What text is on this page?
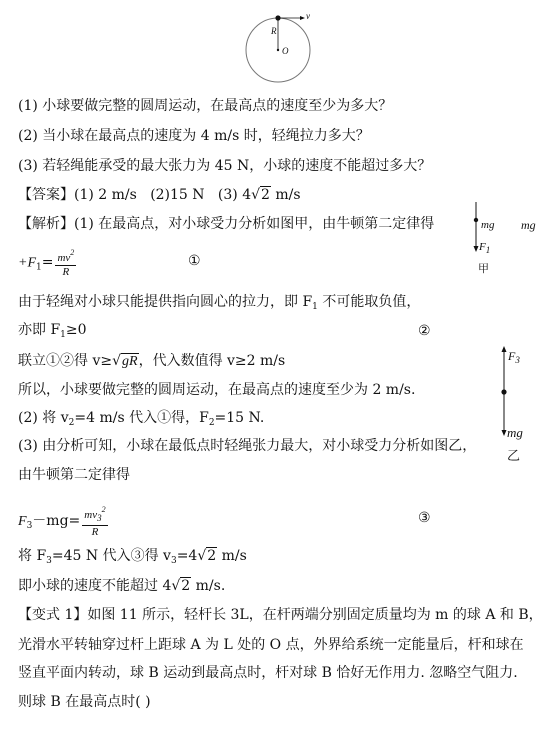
v
R
O
(1) 小球要做完整的圆周运动，在最高点的速度至少为多大？
(2) 当小球在最高点的速度为 4 m/s 时，轻绳拉力多大？
(3) 若轻绳能承受的最大张力为 45 N，小球的速度不能超过多大？
【答案】(1) 2 m/s (2)15 N (3) 4√2 m/s
【解析】(1) 在最高点，对小球受力分析如图甲，由牛顿第二定律得	mg
$+F_1= \frac{mv^2}{R}$	①
由于轻绳对小球只能提供指向圆心的拉力，即 $F_1$ 不可能取负值，
亦即 $F_1\ge 0$	②
联立①②得 v≥√gR，代入数值得 v≥2 m/s
所以，小球要做完整的圆周运动，在最高点的速度至少为 2 m/s.
(2) 将 $v_2=4$ m/s 代入①得，$F_2=15$ N.
(3) 由分析可知，小球在最低点时轻绳张力最大，对小球受力分析如图乙，
由牛顿第二定律得
$F_3-mg= \frac{mv_3^2}{R}$	③
将 $F_3=45$ N 代入③得 $v_3=4√2$ m/s
即小球的速度不能超过 4√2 m/s.
【变式 1】如图 11 所示，轻杆长 3L，在杆两端分别固定质量均为 m 的球 A 和 B，
光滑水平转轴穿过杆上距球 A 为 L 处的 O 点，外界给系统一定能量后，杆和球在
竖直平面内转动，球 B 运动到最高点时，杆对球 B 恰好无作用力. 忽略空气阻力.
则球 B 在最高点时( )
mg
$F_1$
甲
$F_3$
mg
乙
